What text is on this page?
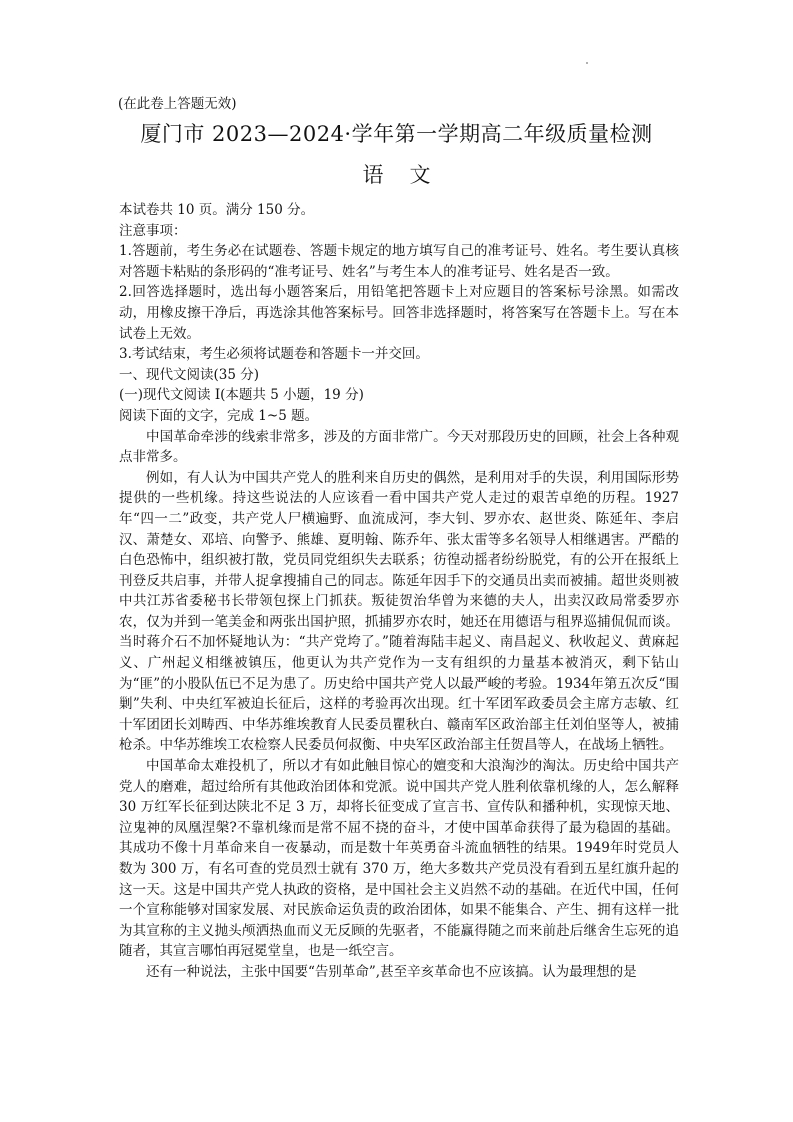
(在此卷上答题无效)
厦门市 2023—2024·学年第一学期高二年级质量检测
语文

本试卷共 10 页。满分 150 分。

注意事项：

1.答题前，考生务必在试题卷、答题卡规定的地方填写自己的准考证号、姓名。考生要认真核对答题卡粘贴的条形码的“准考证号、姓名”与考生本人的准考证号、姓名是否一致。

2.回答选择题时，选出每小题答案后，用铅笔把答题卡上对应题目的答案标号涂黑。如需改动，用橡皮擦干净后，再选涂其他答案标号。回答非选择题时，将答案写在答题卡上。写在本试卷上无效。

3.考试结束，考生必须将试题卷和答题卡一并交回。

一、现代文阅读(35 分)

(一)现代文阅读 I(本题共 5 小题，19 分)

阅读下面的文字，完成 1~5 题。

中国革命牵涉的线索非常多，涉及的方面非常广。今天对那段历史的回顾，社会上各种观点非常多。

例如，有人认为中国共产党人的胜利来自历史的偶然，是利用对手的失误，利用国际形势提供的一些机缘。持这些说法的人应该看一看中国共产党人走过的艰苦卓绝的历程。1927年“四一二”政变，共产党人尸横遍野、血流成河，李大钊、罗亦农、赵世炎、陈延年、李启汉、萧楚女、邓培、向警予、熊雄、夏明翰、陈乔年、张太雷等多名领导人相继遇害。严酷的白色恐怖中，组织被打散，党员同党组织失去联系；彷徨动摇者纷纷脱党，有的公开在报纸上刊登反共启事，并带人捉拿搜捕自己的同志。陈延年因手下的交通员出卖而被捕。超世炎则被中共江苏省委秘书长带领包探上门抓获。叛徒贺治华曾为来德的夫人，出卖汉政局常委罗亦农，仅为并到一笔美金和两张出国护照，抓捕罗亦农时，她还在用德语与租界巡捕侃侃而谈。当时蒋介石不加怀疑地认为：“共产党垮了。”随着海陆丰起义、南昌起义、秋收起义、黄麻起义、广州起义相继被镇压，他更认为共产党作为一支有组织的力量基本被消灭，剩下钻山为“匪”的小股队伍已不足为患了。历史给中国共产党人以最严峻的考验。1934年第五次反“围剿”失利、中央红军被迫长征后，这样的考验再次出现。红十军团军政委员会主席方志敏、红十军团团长刘畴西、中华苏维埃教育人民委员瞿秋白、赣南军区政治部主任刘伯坚等人，被捕枪杀。中华苏维埃工农检察人民委员何叔衡、中央军区政治部主任贺昌等人，在战场上牺牲。

中国革命太难投机了，所以才有如此触目惊心的嬗变和大浪淘沙的淘汰。历史给中国共产党人的磨难，超过给所有其他政治团体和党派。说中国共产党人胜利依靠机缘的人，怎么解释 30 万红军长征到达陕北不足 3 万，却将长征变成了宣言书、宣传队和播种机，实现惊天地、泣鬼神的凤凰涅槃?不靠机缘而是常不屈不挠的奋斗，才使中国革命获得了最为稳固的基础。其成功不像十月革命来自一夜暴动，而是数十年英勇奋斗流血牺牲的结果。1949年时党员人数为 300 万，有名可查的党员烈士就有 370 万，绝大多数共产党员没有看到五星红旗升起的这一天。这是中国共产党人执政的资格，是中国社会主义岿然不动的基础。在近代中国，任何一个宣称能够对国家发展、对民族命运负责的政治团体，如果不能集合、产生、拥有这样一批为其宣称的主义抛头颅洒热血而义无反顾的先驱者，不能赢得随之而来前赴后继舍生忘死的追随者，其宣言哪怕再冠冕堂皇，也是一纸空言。

还有一种说法，主张中国要“告别革命”,甚至辛亥革命也不应该搞。认为最理想的是
